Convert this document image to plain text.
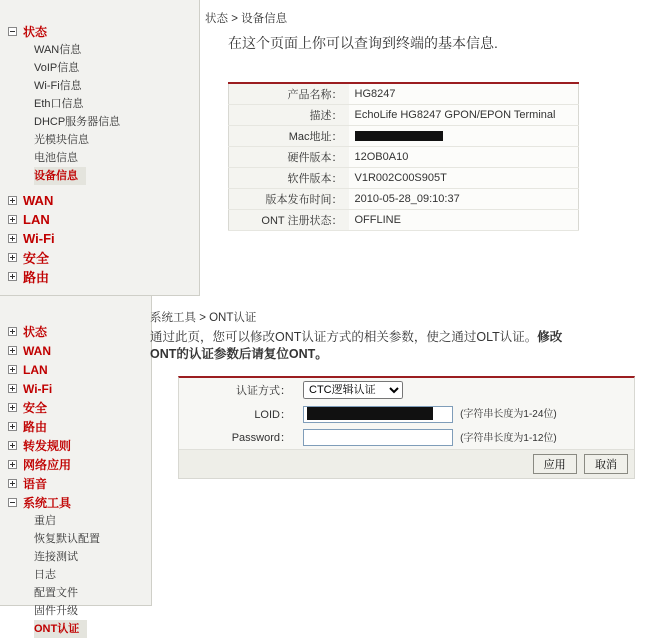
状态
WAN信息
VoIP信息
Wi-Fi信息
Eth口信息
DHCP服务器信息
光模块信息
电池信息
设备信息
WAN
LAN
Wi-Fi
安全
路由
状态 > 设备信息
在这个页面上你可以查询到终端的基本信息.
产品名称：	HG8247
描述：	EchoLife HG8247 GPON/EPON Terminal
Mac地址：	
硬件版本：	12OB0A10
软件版本：	V1R002C00S905T
版本发布时间：	2010-05-28_09:10:37
ONT 注册状态：	OFFLINE
状态
WAN
LAN
Wi-Fi
安全
路由
转发规则
网络应用
语音
系统工具
重启
恢复默认配置
连接测试
日志
配置文件
固件升级
ONT认证
系统工具 > ONT认证
通过此页，您可以修改ONT认证方式的相关参数，使之通过OLT认证。修改
ONT的认证参数后请复位ONT。
认证方式：	
CTC逻辑认证
LOID：	(字符串长度为1-24位)

Password：	(字符串长度为1-12位)
应用	取消
